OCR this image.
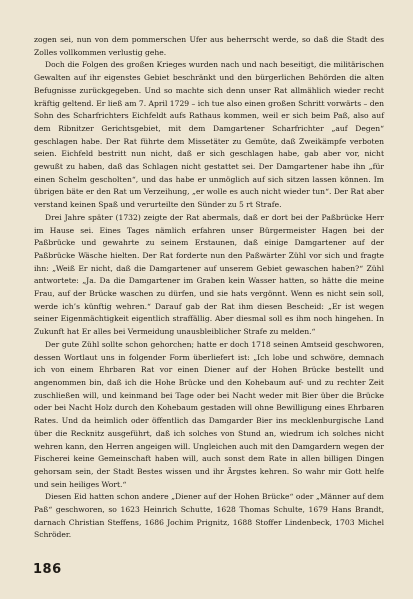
zogen sei, nun von dem pommerschen Ufer aus beherrscht werde, so daß die Stadt des Zolles vollkommen verlustig gehe.

Doch die Folgen des großen Krieges wurden nach und nach beseitigt, die militärischen Gewalten auf ihr eigenstes Gebiet beschränkt und den bürgerlichen Behörden die alten Befugnisse zurückgegeben. Und so machte sich denn unser Rat allmählich wieder recht kräftig geltend. Er ließ am 7. April 1729 – ich tue also einen großen Schritt vorwärts – den Sohn des Scharfrichters Eichfeldt aufs Rathaus kommen, weil er sich beim Paß, also auf dem Ribnitzer Gerichtsgebiet, mit dem Damgartener Scharfrichter „auf Degen“ geschlagen habe. Der Rat führte dem Missetäter zu Gemüte, daß Zweikämpfe verboten seien. Eichfeld bestritt nun nicht, daß er sich geschlagen habe, gab aber vor, nicht gewußt zu haben, daß das Schlagen nicht gestattet sei. Der Damgartener habe ihn „für einen Schelm gescholten“, und das habe er unmöglich auf sich sitzen lassen können. Im übrigen bäte er den Rat um Verzeihung, „er wolle es auch nicht wieder tun“. Der Rat aber verstand keinen Spaß und verurteilte den Sünder zu 5 rt Strafe.

Drei Jahre später (1732) zeigte der Rat abermals, daß er dort bei der Paßbrücke Herr im Hause sei. Eines Tages nämlich erfahren unser Bürgermeister Hagen bei der Paßbrücke und gewahrte zu seinem Erstaunen, daß einige Damgartener auf der Paßbrücke Wäsche hielten. Der Rat forderte nun den Paßwärter Zühl vor sich und fragte ihn: „Weiß Er nicht, daß die Damgartener auf unserem Gebiet gewaschen haben?“ Zühl antwortete: „Ja. Da die Damgartener im Graben kein Wasser hatten, so hätte die meine Frau, auf der Brücke waschen zu dürfen, und sie hats vergönnt. Wenn es nicht sein soll, werde ich’s künftig wehren.“ Darauf gab der Rat ihm diesen Bescheid: „Er ist wegen seiner Eigenmächtigkeit eigentlich straffällig. Aber diesmal soll es ihm noch hingehen. In Zukunft hat Er alles bei Vermeidung unausbleiblicher Strafe zu melden.“

Der gute Zühl sollte schon gehorchen; hatte er doch 1718 seinen Amtseid geschworen, dessen Wortlaut uns in folgender Form überliefert ist: „Ich lobe und schwöre, demnach ich von einem Ehrbaren Rat vor einen Diener auf der Hohen Brücke bestellt und angenommen bin, daß ich die Hohe Brücke und den Kohebaum auf- und zu rechter Zeit zuschließen will, und keinmand bei Tage oder bei Nacht weder mit Bier über die Brücke oder bei Nacht Holz durch den Kohebaum gestaden will ohne Bewilligung eines Ehrbaren Rates. Und da heimlich oder öffentlich das Damgarder Bier ins mecklenburgische Land über die Recknitz ausgeführt, daß ich solches von Stund an, wiedrum ich solches nicht wehren kann, den Herren angeigen will. Ungleichen auch mit den Damgardern wegen der Fischerei keine Gemeinschaft haben will, auch sonst dem Rate in allen billigen Dingen gehorsam sein, der Stadt Bestes wissen und ihr Ärgstes kehren. So wahr mir Gott helfe und sein heiliges Wort.“

Diesen Eid hatten schon andere „Diener auf der Hohen Brücke“ oder „Männer auf dem Paß“ geschworen, so 1623 Heinrich Schutte, 1628 Thomas Schulte, 1679 Hans Brandt, darnach Christian Steffens, 1686 Jochim Prignitz, 1688 Stoffer Lindenbeck, 1703 Michel Schröder.

186
